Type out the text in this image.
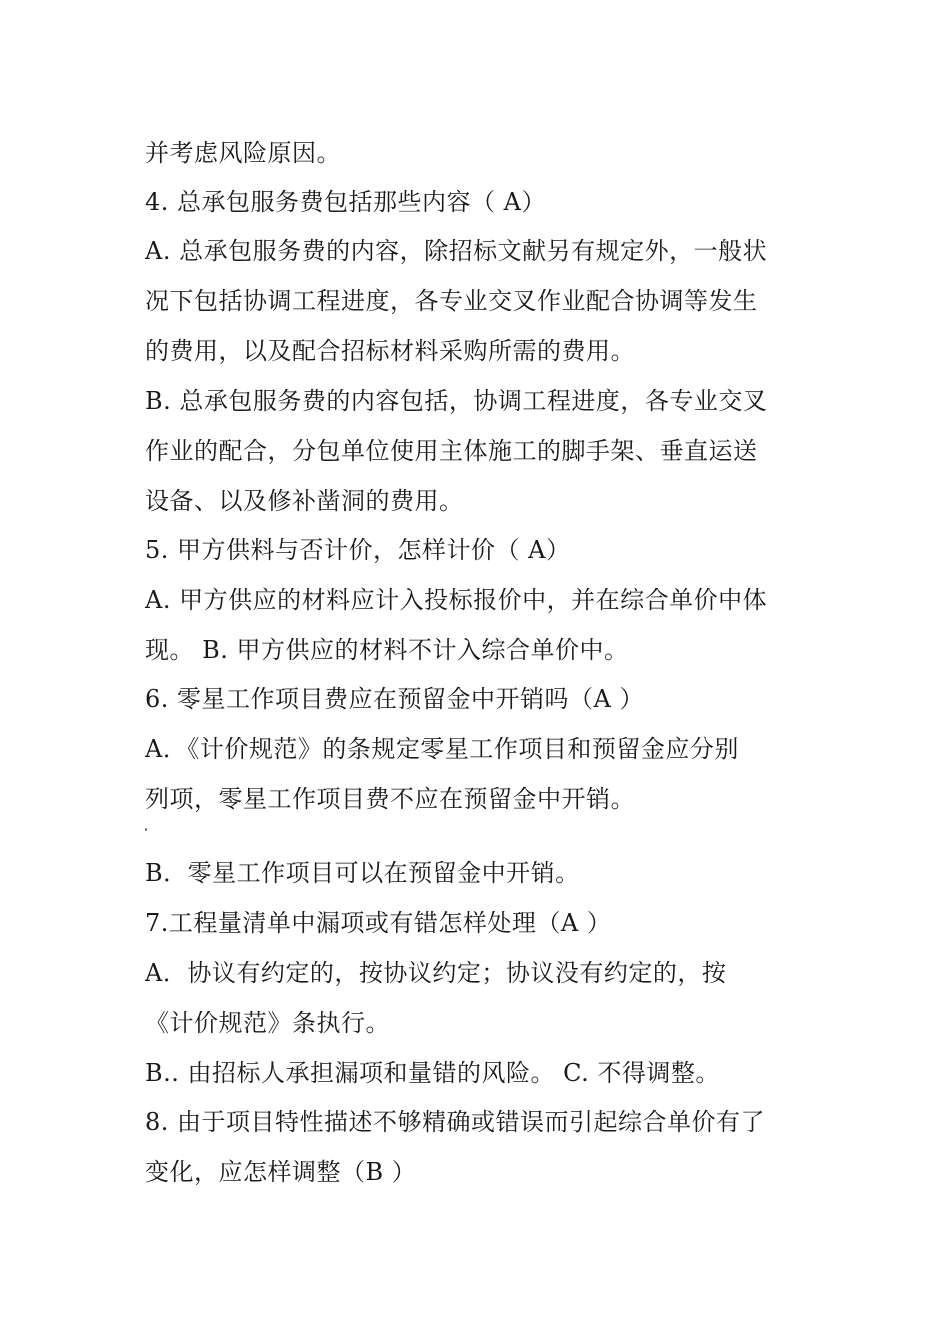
并考虑风险原因。
4. 总承包服务费包括那些内容（ A）
A. 总承包服务费的内容，除招标文献另有规定外，一般状
况下包括协调工程进度，各专业交叉作业配合协调等发生
的费用，以及配合招标材料采购所需的费用。
B. 总承包服务费的内容包括，协调工程进度，各专业交叉
作业的配合，分包单位使用主体施工的脚手架、垂直运送
设备、以及修补凿洞的费用。
5. 甲方供料与否计价，怎样计价（ A）
A. 甲方供应的材料应计入投标报价中，并在综合单价中体
现。 B. 甲方供应的材料不计入综合单价中。
6. 零星工作项目费应在预留金中开销吗（A ）
A．《计价规范》的条规定零星工作项目和预留金应分别
列项，零星工作项目费不应在预留金中开销。
B．零星工作项目可以在预留金中开销。
7.工程量清单中漏项或有错怎样处理（A ）
A．协议有约定的，按协议约定；协议没有约定的，按
《计价规范》条执行。
B.. 由招标人承担漏项和量错的风险。 C. 不得调整。
8. 由于项目特性描述不够精确或错误而引起综合单价有了
变化，应怎样调整（B ）
